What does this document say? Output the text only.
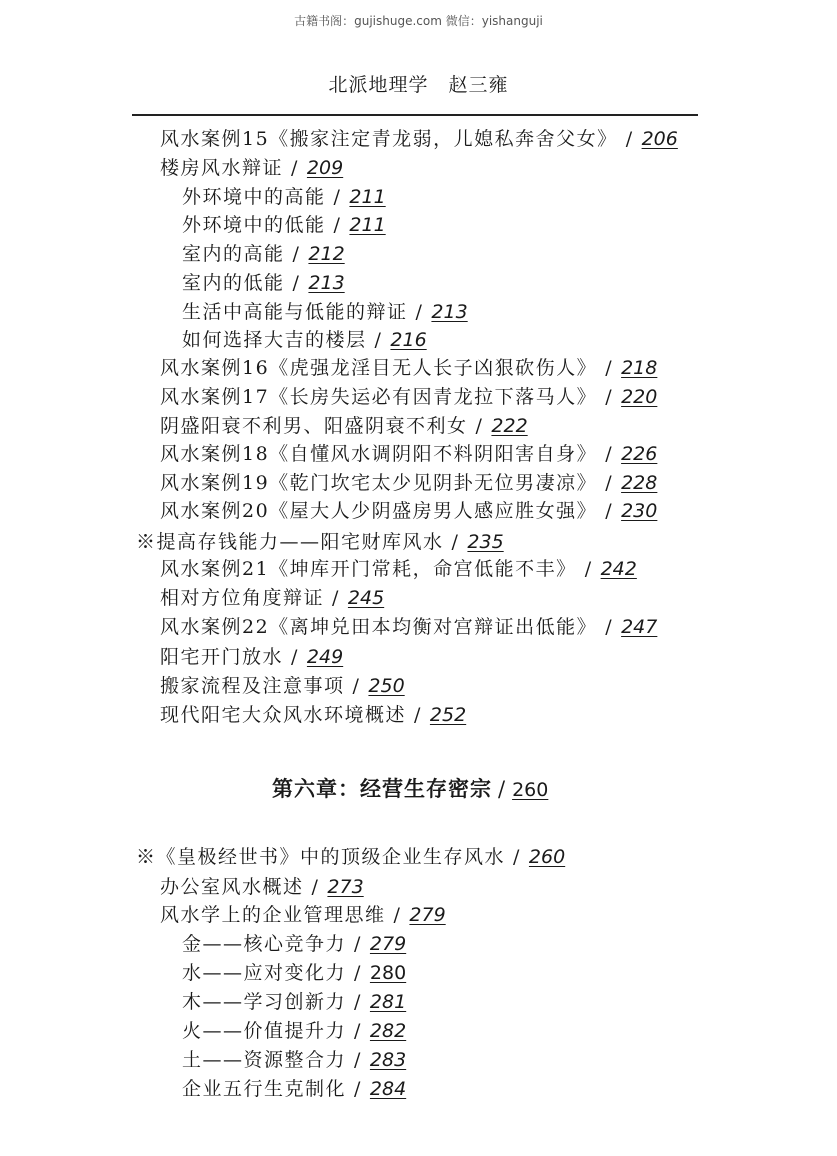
古籍书阁：gujishuge.com 微信：yishanguji
北派地理学　赵三雍
风水案例15《搬家注定青龙弱，儿媳私奔舍父女》 / 206
楼房风水辩证 / 209
外环境中的高能 / 211
外环境中的低能 / 211
室内的高能 / 212
室内的低能 / 213
生活中高能与低能的辩证 / 213
如何选择大吉的楼层 / 216
风水案例16《虎强龙淫目无人长子凶狠砍伤人》 / 218
风水案例17《长房失运必有因青龙拉下落马人》 / 220
阴盛阳衰不利男、阳盛阴衰不利女 / 222
风水案例18《自懂风水调阴阳不料阴阳害自身》 / 226
风水案例19《乾门坎宅太少见阴卦无位男凄凉》 / 228
风水案例20《屋大人少阴盛房男人感应胜女强》 / 230
※提高存钱能力——阳宅财库风水 / 235
风水案例21《坤库开门常耗，命宫低能不丰》 / 242
相对方位角度辩证 / 245
风水案例22《离坤兑田本均衡对宫辩证出低能》 / 247
阳宅开门放水 / 249
搬家流程及注意事项 / 250
现代阳宅大众风水环境概述 / 252
第六章：经营生存密宗 / 260
※《皇极经世书》中的顶级企业生存风水 / 260
办公室风水概述 / 273
风水学上的企业管理思维 / 279
金——核心竞争力 / 279
水——应对变化力 / 280
木——学习创新力 / 281
火——价值提升力 / 282
土——资源整合力 / 283
企业五行生克制化 / 284
